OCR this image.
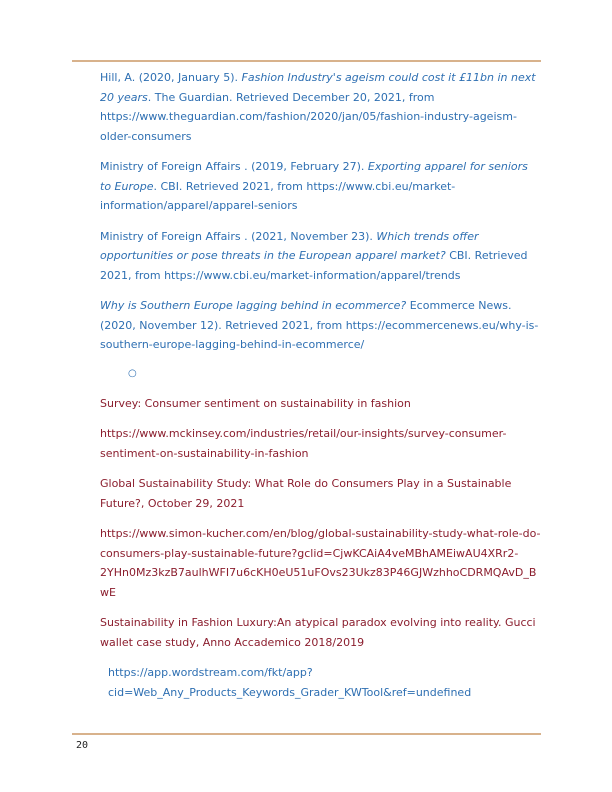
Hill, A. (2020, January 5). Fashion Industry's ageism could cost it £11bn in next 20 years. The Guardian. Retrieved December 20, 2021, from https://www.theguardian.com/fashion/2020/jan/05/fashion-industry-ageism-older-consumers

Ministry of Foreign Affairs . (2019, February 27). Exporting apparel for seniors to Europe. CBI. Retrieved 2021, from https://www.cbi.eu/market-information/apparel/apparel-seniors

Ministry of Foreign Affairs . (2021, November 23). Which trends offer opportunities or pose threats in the European apparel market? CBI. Retrieved 2021, from https://www.cbi.eu/market-information/apparel/trends

Why is Southern Europe lagging behind in ecommerce? Ecommerce News. (2020, November 12). Retrieved 2021, from https://ecommercenews.eu/why-is-southern-europe-lagging-behind-in-ecommerce/

○

Survey: Consumer sentiment on sustainability in fashion

https://www.mckinsey.com/industries/retail/our-insights/survey-consumer-sentiment-on-sustainability-in-fashion

Global Sustainability Study: What Role do Consumers Play in a Sustainable Future?, October 29, 2021

https://www.simon-kucher.com/en/blog/global-sustainability-study-what-role-do-consumers-play-sustainable-future?gclid=CjwKCAiA4veMBhAMEiwAU4XRr2-2YHn0Mz3kzB7aulhWFI7u6cKH0eU51uFOvs23Ukz83P46GJWzhhoCDRMQAvD_BwE

Sustainability in Fashion Luxury:An atypical paradox evolving into reality. Gucci wallet case study, Anno Accademico 2018/2019

https://app.wordstream.com/fkt/app?cid=Web_Any_Products_Keywords_Grader_KWTool&ref=undefined

20
